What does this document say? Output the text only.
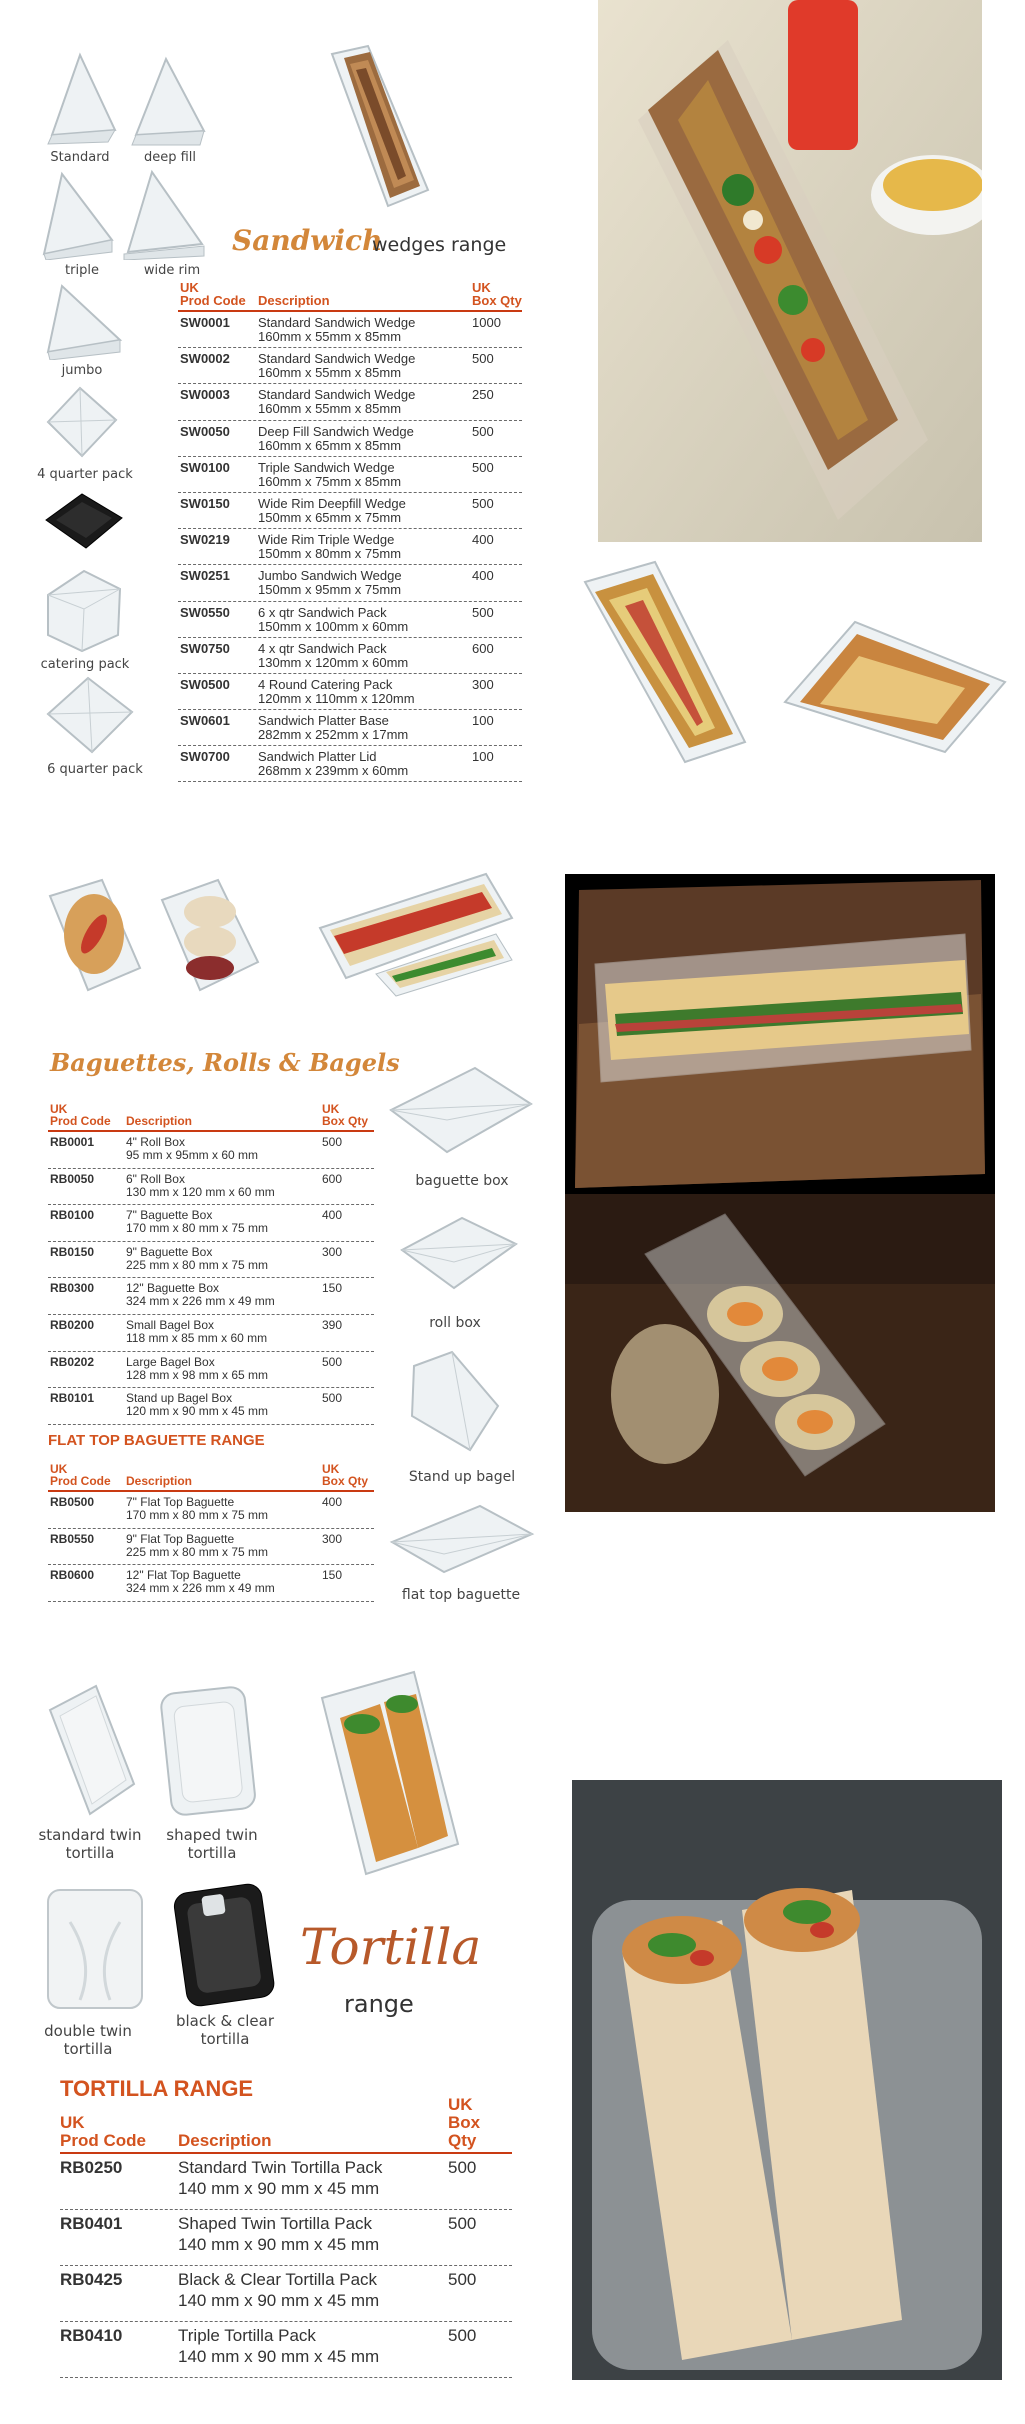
Standard	deep fill
triple	wide rim
jumbo
4 quarter pack
catering pack
6 quarter pack
Sandwich
wedges range
UK
Prod Code Description
UK
Box Qty
SW0001 Standard Sandwich Wedge
160mm x 55mm x 85mm
1000
SW0002 Standard Sandwich Wedge
160mm x 55mm x 85mm
500
SW0003 Standard Sandwich Wedge
160mm x 55mm x 85mm
250
SW0050 Deep Fill Sandwich Wedge
160mm x 65mm x 85mm
500
SW0100 Triple Sandwich Wedge
160mm x 75mm x 85mm
500
SW0150 Wide Rim Deepfill Wedge
150mm x 65mm x 75mm
500
SW0219 Wide Rim Triple Wedge
150mm x 80mm x 75mm
400
SW0251 Jumbo Sandwich Wedge
150mm x 95mm x 75mm
400
SW0550 6 x qtr Sandwich Pack
150mm x 100mm x 60mm
500
SW0750 4 x qtr Sandwich Pack
130mm x 120mm x 60mm
600
SW0500 4 Round Catering Pack
120mm x 110mm x 120mm
300
SW0601 Sandwich Platter Base
282mm x 252mm x 17mm
100
SW0700 Sandwich Platter Lid
268mm x 239mm x 60mm
100
Baguettes, Rolls & Bagels
UK
Prod Code Description
UK
Box Qty
RB0001	4" Roll Box
95 mm x 95mm x 60 mm
500
RB0050	6" Roll Box
130 mm x 120 mm x 60 mm
600
RB0100	7" Baguette Box
170 mm x 80 mm x 75 mm
400
RB0150	9" Baguette Box
225 mm x 80 mm x 75 mm
300
RB0300	12" Baguette Box
324 mm x 226 mm x 49 mm
150
RB0200	Small Bagel Box
118 mm x 85 mm x 60 mm
390
RB0202	Large Bagel Box
128 mm x 98 mm x 65 mm
500
RB0101	Stand up Bagel Box
120 mm x 90 mm x 45 mm
500
FLAT TOP BAGUETTE RANGE
UK
Prod Code Description
UK
Box Qty
RB0500	7" Flat Top Baguette
170 mm x 80 mm x 75 mm
400
RB0550	9" Flat Top Baguette
225 mm x 80 mm x 75 mm
300
RB0600	12" Flat Top Baguette
324 mm x 226 mm x 49 mm
150
baguette box
roll box
Stand up bagel
flat top baguette
standard twin
tortilla
shaped twin
tortilla
double twin
tortilla
black & clear
tortilla
Tortilla
range
TORTILLA RANGE
UK
Prod Code Description
UK
Box Qty
RB0250	Standard Twin Tortilla Pack
140 mm x 90 mm x 45 mm
500
RB0401	Shaped Twin Tortilla Pack
140 mm x 90 mm x 45 mm
500
RB0425	Black & Clear Tortilla Pack
140 mm x 90 mm x 45 mm
500
RB0410	Triple Tortilla Pack
140 mm x 90 mm x 45 mm
500
